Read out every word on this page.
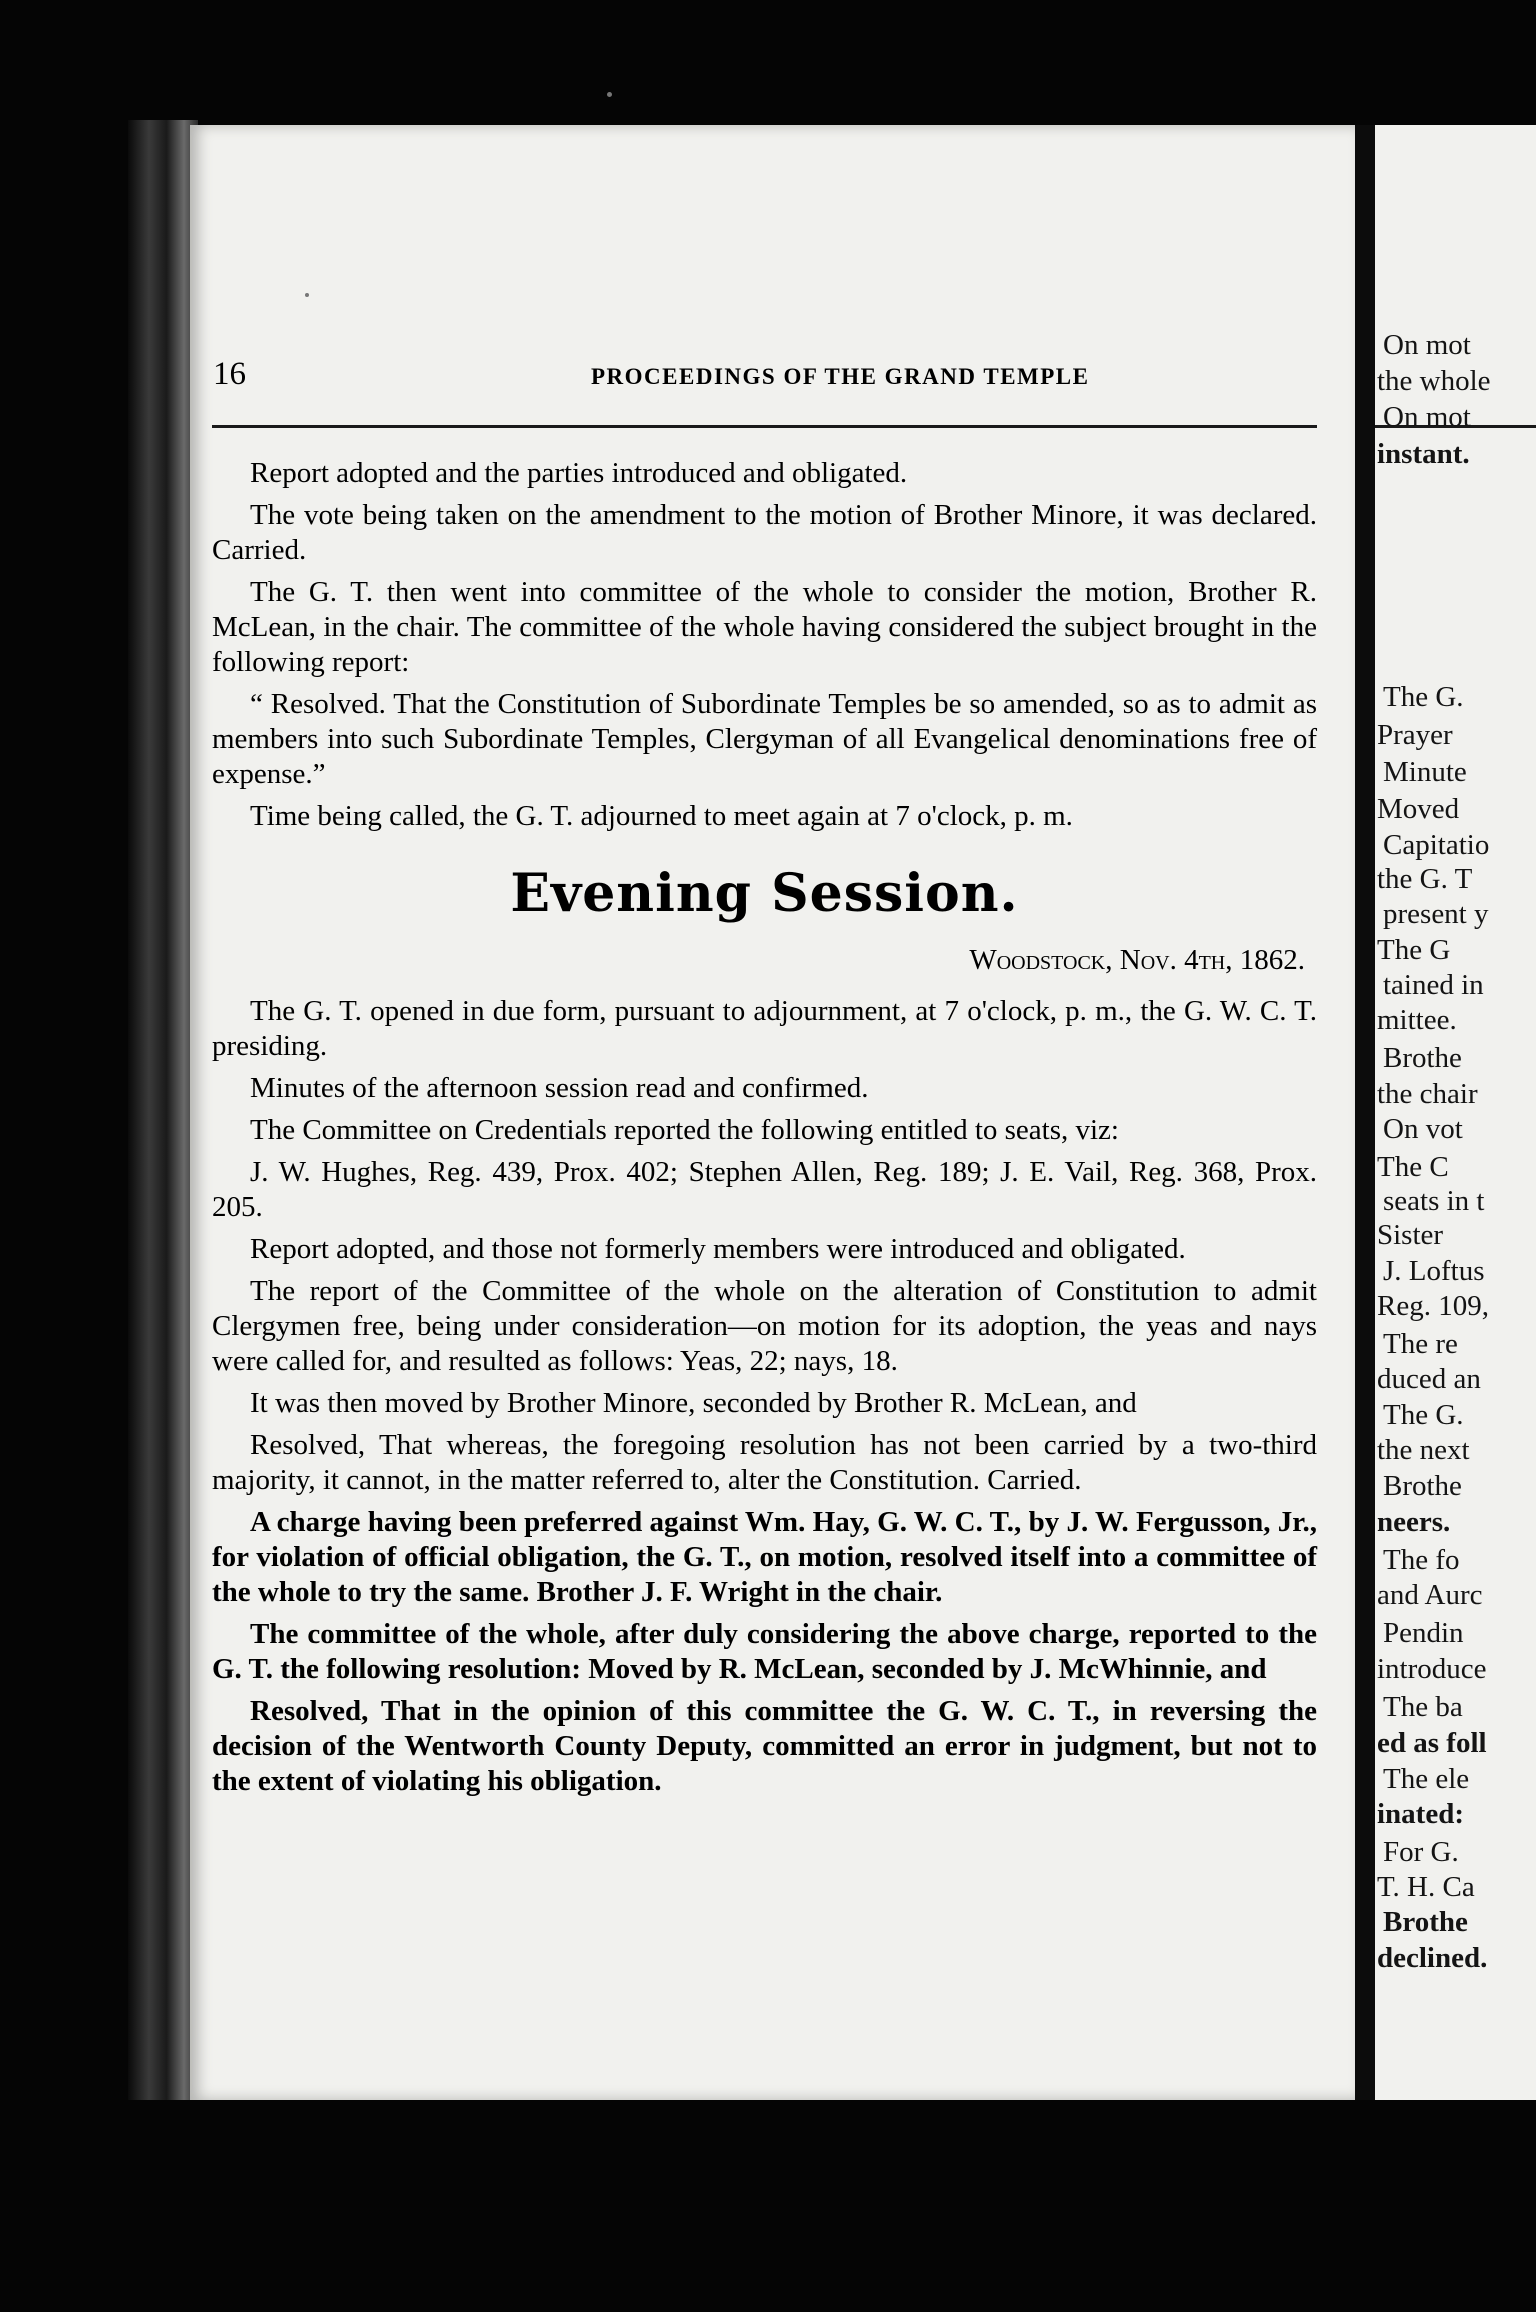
On mot
the whole
On mot
instant.
The G.
Prayer
Minute
Moved
Capitatio
the G. T
present y
The G
tained in
mittee.
Brothe
the chair
On vot
The C
seats in t
Sister
J. Loftus
Reg. 109,
The re
duced an
The G.
the next
Brothe
neers.
The fo
and Aurc
Pendin
introduce
The ba
ed as foll
The ele
inated:
For G.
T. H. Ca
Brothe
declined.
16	PROCEEDINGS OF THE GRAND TEMPLE

Report adopted and the parties introduced and obligated.

The vote being taken on the amendment to the motion of Brother Minore, it was declared. Carried.

The G. T. then went into committee of the whole to consider the motion, Brother R. McLean, in the chair. The committee of the whole having considered the subject brought in the following report:

“ Resolved. That the Constitution of Subordinate Temples be so amended, so as to admit as members into such Subordinate Temples, Clergyman of all Evangelical denominations free of expense.”

Time being called, the G. T. adjourned to meet again at 7 o'clock, p. m.

Evening Session.
Woodstock, Nov. 4th, 1862.

The G. T. opened in due form, pursuant to adjournment, at 7 o'clock, p. m., the G. W. C. T. presiding.

Minutes of the afternoon session read and confirmed.

The Committee on Credentials reported the following entitled to seats, viz:

J. W. Hughes, Reg. 439, Prox. 402; Stephen Allen, Reg. 189; J. E. Vail, Reg. 368, Prox. 205.

Report adopted, and those not formerly members were introduced and obligated.

The report of the Committee of the whole on the alteration of Constitution to admit Clergymen free, being under consideration—on motion for its adoption, the yeas and nays were called for, and resulted as follows: Yeas, 22; nays, 18.

It was then moved by Brother Minore, seconded by Brother R. McLean, and

Resolved, That whereas, the foregoing resolution has not been carried by a two-third majority, it cannot, in the matter referred to, alter the Constitution. Carried.

A charge having been preferred against Wm. Hay, G. W. C. T., by J. W. Fergusson, Jr., for violation of official obligation, the G. T., on motion, resolved itself into a committee of the whole to try the same. Brother J. F. Wright in the chair.

The committee of the whole, after duly considering the above charge, reported to the G. T. the following resolution: Moved by R. McLean, seconded by J. McWhinnie, and

Resolved, That in the opinion of this committee the G. W. C. T., in reversing the decision of the Wentworth County Deputy, committed an error in judgment, but not to the extent of violating his obligation.
